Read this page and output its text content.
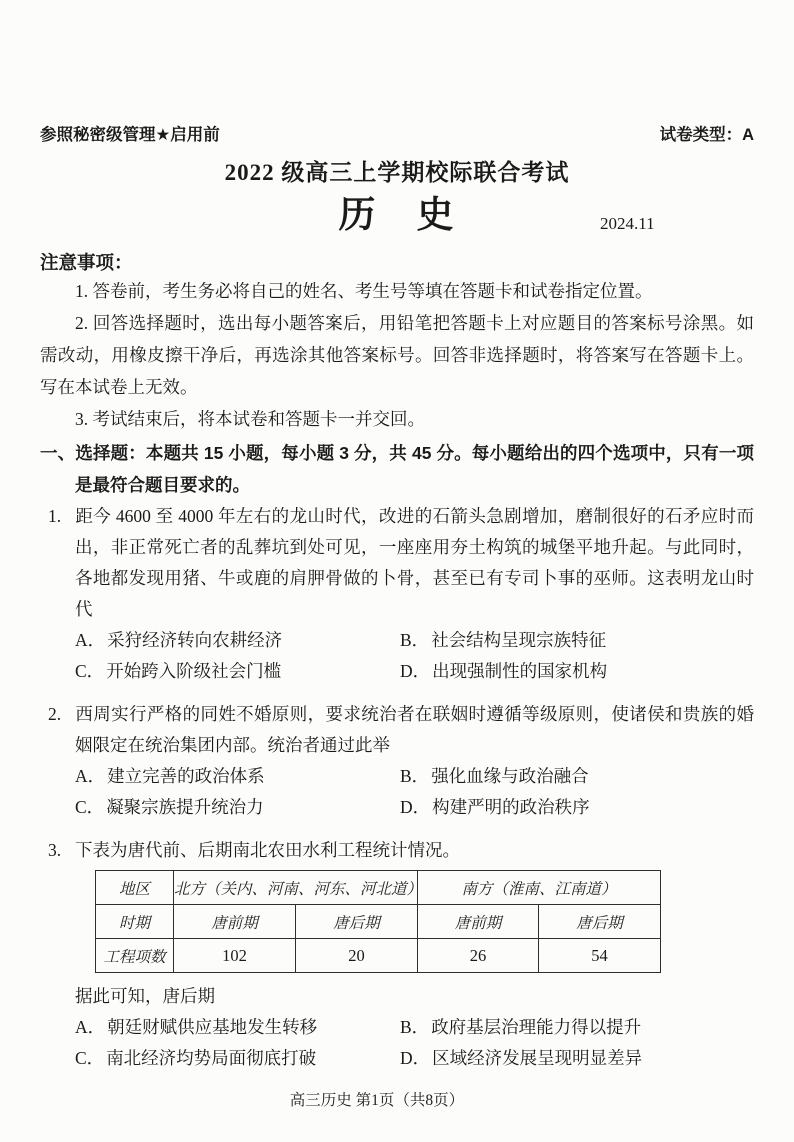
参照秘密级管理★启用前	试卷类型：A
2022 级高三上学期校际联合考试
历　史	2024.11
注意事项：

1. 答卷前，考生务必将自己的姓名、考生号等填在答题卡和试卷指定位置。

2. 回答选择题时，选出每小题答案后，用铅笔把答题卡上对应题目的答案标号涂黑。如需改动，用橡皮擦干净后，再选涂其他答案标号。回答非选择题时，将答案写在答题卡上。写在本试卷上无效。

3. 考试结束后，将本试卷和答题卡一并交回。

一、选择题：本题共 15 小题，每小题 3 分，共 45 分。每小题给出的四个选项中，只有一项是最符合题目要求的。

1. 距今 4600 至 4000 年左右的龙山时代，改进的石箭头急剧增加，磨制很好的石矛应时而出，非正常死亡者的乱葬坑到处可见，一座座用夯土构筑的城堡平地升起。与此同时，各地都发现用猪、牛或鹿的肩胛骨做的卜骨，甚至已有专司卜事的巫师。这表明龙山时代

A． 采狩经济转向农耕经济	B． 社会结构呈现宗族特征
C． 开始跨入阶级社会门槛	D． 出现强制性的国家机构

2. 西周实行严格的同姓不婚原则，要求统治者在联姻时遵循等级原则，使诸侯和贵族的婚姻限定在统治集团内部。统治者通过此举

A． 建立完善的政治体系	B． 强化血缘与政治融合
C． 凝聚宗族提升统治力	D． 构建严明的政治秩序

3. 下表为唐代前、后期南北农田水利工程统计情况。

地区	北方（关内、河南、河东、河北道）		南方（淮南、江南道）	
时期	唐前期	唐后期	唐前期	唐后期
工程项数	102	20	26	54

据此可知，唐后期

A． 朝廷财赋供应基地发生转移	B． 政府基层治理能力得以提升
C． 南北经济均势局面彻底打破	D． 区域经济发展呈现明显差异
高三历史 第1页（共8页）
